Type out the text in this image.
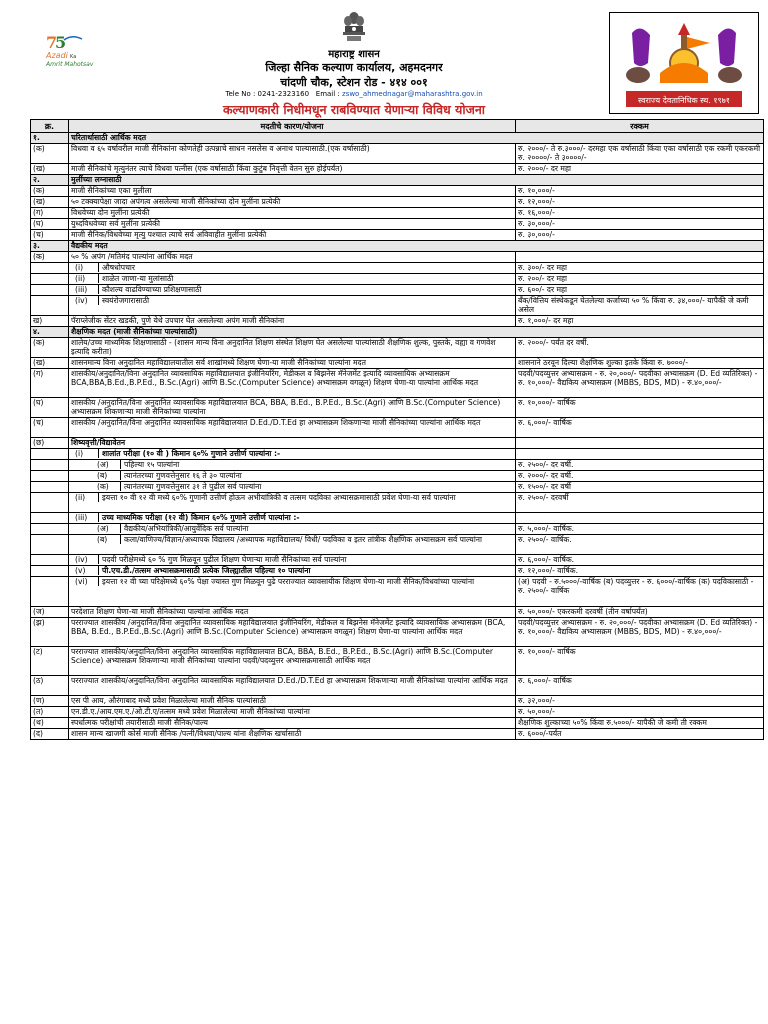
7
5
Azadi Ka
Amrit Mahotsav
महाराष्ट्र शासन
जिल्हा सैनिक कल्याण कार्यालय, अहमदनगर
चांदणी चौक, स्टेशन रोड - ४१४ ००१
Tele No : 0241-2323160 Email : zswo_ahmednagar@maharashtra.gov.in
कल्याणकारी निधीमधून राबविण्यात येणाऱ्या विविध योजना
स्वराज्य देवतानिधिक स्थ. १९७१
क्र.	मदतीचे कारण/योजना	रक्कम
१.	चरितार्थासाठी आर्थिक मदत	
(क)	विधवा व ६५ वर्षावरील माजी सैनिकांना कोणतेही उत्पन्नाचे साधन नसलेस व अनाथ पाल्यासाठी.(एक वर्षासाठी)	रु. २०००/- ते रु.३०००/- दरमहा एक वर्षासाठी किंवा एका वर्षासाठी एक रकमी एकरकमी रु. २००००/- ते ३००००/-
(ख)	माजी सैनिकांचे मृत्युनंतर त्याचे विधवा पत्नीस (एक वर्षासाठी किंवा कुटुंब निवृत्ती वेतन सुरु होईपर्यंत)	रु. २०००/- दर महा
२.	मुलींच्या लग्नासाठी	
(क)	माजी सैनिकांच्या एका मुलीला	रु. १०,०००/-
(ख)	५० टक्क्यापेक्षा जादा अपंगत्व असलेल्या माजी सैनिकांच्या दोन मुलींना प्रत्येकी	रु. १२,०००/-
(ग)	विधवेच्या दोन मुलींना प्रत्येकी	रु. १६,०००/-
(घ)	युध्दविधवेच्या सर्व मुलींना प्रत्येकी	रु. ३०,०००/-
(च)	माजी सैनिक/विधवेच्या मृत्यु पश्चात त्याचे सर्व अविवाहीत मुलींना प्रत्येकी	रु. ३०,०००/-
३.	वैद्यकीय मदत	
(क)	५० % अपंग /मतिमंद पाल्यांना आर्थिक मदत	

	(i) औषधोपचार	रु. ३००/- दर महा

	(ii) शाळेत जाणा-या मुलांसाठी	रु. २००/- दर महा

	(iii) कौशल्य वाढविण्याच्या प्रशिक्षणासाठी	रु. ६००/- दर महा

	(iv) स्वयंरोजगारासाठी	बँक/वित्तिय संस्थेकडून घेतलेल्या कर्जाच्या ५० % किंवा रु. ३४,०००/- यापैकी जे कमी असेल
ख)	पॅराप्लेजीक सेंटर खडकी, पुणे येथे उपचार घेत असलेल्या अपंग माजी सैनिकांना	रु. १,०००/- दर महा
४.	शैक्षणिक मदत (माजी सैनिकांच्या पाल्यांसाठी)	
(क)	शालेय/उच्च माध्यमिक शिक्षणासाठी - (शासन मान्य विना अनुदानित शिक्षण संस्थेत शिक्षण घेत असलेल्या पाल्यांसाठी शैक्षणिक शुल्क, पुस्तके, वह्या व गणवेश इत्यादि करीता)	रु. २०००/- पर्यंत दर वर्षी.
(ख)	शासनमान्य विना अनुदानित महाविद्यालयातील सर्व शाखांमध्ये शिक्षण घेणा-या माजी सैनिकांच्या पाल्यांना मदत	शासनाने ठरवून दिल्या शैक्षणिक शुल्का इतके किंवा रु. ७०००/-
(ग)	शासकीय/अनुदानित/विना अनुदानित व्यावसायिक महाविद्यालयात इंजीनियरिंग, मेडीकल व बिझनेस मॅनेजमेंट इत्यादि व्यावसायिक अभ्यासक्रम BCA,BBA,B.Ed.,B.P.Ed., B.Sc.(Agri) आणि B.Sc.(Computer Science) अभ्यासक्रम वगळून) शिक्षण घेणा-या पाल्यांना आर्थिक मदत	पदवी/पदव्युत्तर अभ्यासक्रम - रु. २०,०००/- पदवीका अभ्यासक्रम (D. Ed व्यतिरिक्त) - रु. १०,०००/- वैद्यकिय अभ्यासक्रम (MBBS, BDS, MD) - रु.४०,०००/-
(घ)	शासकीय /अनुदानित/विना अनुदानित व्यावसायिक महाविद्यालयात BCA, BBA, B.Ed., B.P.Ed., B.Sc.(Agri) आणि B.Sc.(Computer Science) अभ्यासक्रम शिकणाऱ्या माजी सैनिकांच्या पाल्यांना	रु. १०,०००/- वार्षिक
(च)	शासकीय /अनुदानित/विना अनुदानित व्यावसायिक महाविद्यालयात D.Ed./D.T.Ed हा अभ्यासक्रम शिकणाऱ्या माजी सैनिकांच्या पाल्यांना आर्थिक मदत	रु. ६,०००/- वार्षिक
(छ)	शिष्यवृत्ती/विद्यावेतन	

	(i) शालांत परीक्षा (१० वी ) किमान ६०% गुणाने उत्तीर्ण पाल्यांना :-	

	(अ) पहिल्या १५ पाल्यांना	रु. २५००/- दर वर्षी.

	(ब) त्यानंतरच्या गुणवत्तेनुसार १६ ते ३० पाल्यांना	रु. २०००/- दर वर्षी.

	(क) त्यानंतरच्या गुणवत्तेनुसार ३१ ते पुढील सर्व पाल्यांना	रु. १५००/- दर वर्षी

	(ii) इयत्ता १० वी १२ वी मध्ये ६०% गुणानी उत्तीर्ण होऊन अभीयांत्रिकी व तत्सम पदविका अभ्यासक्रमासाठी प्रवेश घेणा-या सर्व पाल्यांना	रु. २५००/- दरवर्षी

	(iii) उच्च माध्यमिक परीक्षा (१२ वी) किमान ६०% गुणाने उत्तीर्ण पाल्यांना :-	

	(अ) वैद्यकीय/अभियांत्रिकी/आयुर्वेदिक सर्व पाल्यांना	रु. ५,०००/- वार्षिक.

	(ब) कला/वाणिज्य/विज्ञान/अध्यापक विद्यालय /अध्यापक महाविद्यालय/ विधी/ पदविका व इतर तांत्रीक शैक्षणिक अभ्यासक्रम सर्व पाल्यांना	रु. २५००/- वार्षिक.

	(iv) पदवी परीक्षेमध्ये ६० % गुण मिळवून पुढील शिक्षण घेणाऱ्या माजी सैनिकांच्या सर्व पाल्यांना	रु. ६,०००/- वार्षिक.

	(v) पी.एच.डी./तत्सम अभ्यासक्रमासाठी प्रत्येक जिल्ह्यातील पहिल्या १० पाल्यांना	रु. १२,०००/- वार्षिक.

	(vi) इयत्ता १२ वी च्या परिक्षेमध्ये ६०% पेक्षा ज्यास्त गुण मिळवून पुढे परराज्यात व्यावसायीक शिक्षण घेणा-या माजी सैनिक/विधवांच्या पाल्यांना	(अ) पदवी - रु.५०००/-वार्षिक (ब) पदव्युत्तर - रु. ६०००/-वार्षिक (क) पदविकासाठी - रु. २५००/- वार्षिक
(ज)	परदेशात शिक्षण घेणा-या माजी सैनिकांच्या पाल्यांना आर्थिक मदत	रु. ५०,०००/- एकरकमी दरवर्षी (तीन वर्षापर्यंत)
(झ)	परराज्यात शासकीय /अनुदानित/विना अनुदानित व्यावसायिक महाविद्यालयात इंजीनियरिंग, मेडीकल व बिझनेस मॅनेजमेंट इत्यादि व्यावसायिक अभ्यासक्रम (BCA, BBA, B.Ed., B.P.Ed.,B.Sc.(Agri) आणि B.Sc.(Computer Science) अभ्यासक्रम वगळून) शिक्षण घेणा-या पाल्यांना आर्थिक मदत	पदवी/पदव्युत्तर अभ्यासक्रम - रु. २०,०००/- पदवीका अभ्यासक्रम (D. Ed व्यतिरिक्त) - रु. १०,०००/- वैद्यकिय अभ्यासक्रम (MBBS, BDS, MD) - रु.४०,०००/-
(ट)	परराज्यात शासकीय/अनुदानित/विना अनुदानित व्यावसायिक महाविद्यालयात BCA, BBA, B.Ed., B.P.Ed., B.Sc.(Agri) आणि B.Sc.(Computer Science) अभ्यासक्रम शिकणाऱ्या माजी सैनिकांच्या पाल्यांना पदवी/पदव्युत्तर अभ्यासक्रमासाठी आर्थिक मदत	रु. १०,०००/- वार्षिक
(ठ)	परराज्यात शासकीय/अनुदानित/विना अनुदानित व्यावसायिक महाविद्यालयात D.Ed./D.T.Ed हा अभ्यासक्रम शिकणाऱ्या माजी सैनिकांच्या पाल्यांना आर्थिक मदत	रु. ६,०००/- वार्षिक
(ण)	एस पी आय, औरंगाबाद मध्ये प्रवेश मिळालेल्या माजी सैनिक पाल्यांसाठी	रु. ३२,०००/-
(त)	एन.डी.ए./आय.एम.ए./ओ.टी.ए/तत्सम मध्ये प्रवेश मिळालेल्या माजी सैनिकांच्या पाल्यांना	रु. ५०,०००/-
(थ)	स्पर्धात्मक परीक्षांची तयारीसाठी माजी सैनिक/पाल्य	शैक्षणिक शुल्काच्या ५०% किंवा रु.५०००/- यापैकी जे कमी ती रक्कम
(द)	शासन मान्य खाजगी कोर्स माजी सैनिक /पत्नी/विधवा/पाल्य यांना शैक्षणिक खर्चासाठी	रु. ६०००/-पर्यंत
